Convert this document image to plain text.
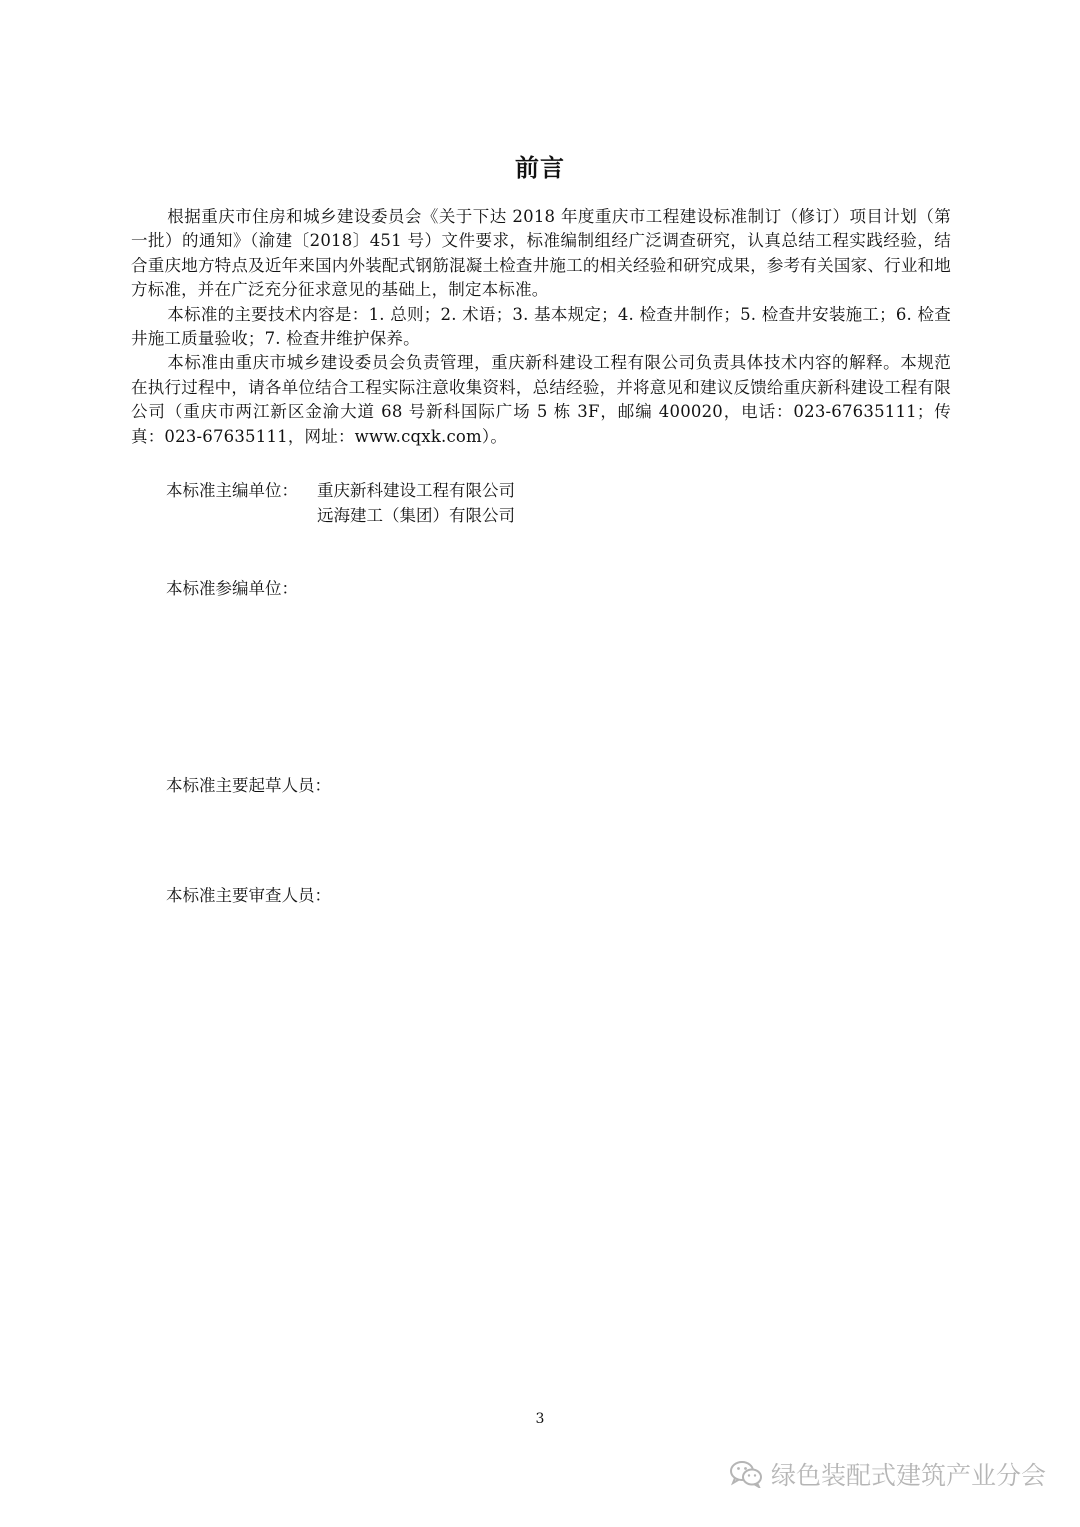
前言

根据重庆市住房和城乡建设委员会《关于下达 2018 年度重庆市工程建设标准制订（修订）项目计划（第一批）的通知》（渝建〔2018〕451 号）文件要求，标准编制组经广泛调查研究，认真总结工程实践经验，结合重庆地方特点及近年来国内外装配式钢筋混凝土检查井施工的相关经验和研究成果，参考有关国家、行业和地方标准，并在广泛充分征求意见的基础上，制定本标准。

本标准的主要技术内容是：1. 总则；2. 术语；3. 基本规定；4. 检查井制作；5. 检查井安装施工；6. 检查井施工质量验收；7. 检查井维护保养。

本标准由重庆市城乡建设委员会负责管理，重庆新科建设工程有限公司负责具体技术内容的解释。本规范在执行过程中，请各单位结合工程实际注意收集资料，总结经验，并将意见和建议反馈给重庆新科建设工程有限公司（重庆市两江新区金渝大道 68 号新科国际广场 5 栋 3F，邮编 400020，电话：023-67635111；传真：023-67635111，网址：www.cqxk.com）。

本标准主编单位：	重庆新科建设工程有限公司
远海建工（集团）有限公司
本标准参编单位：
本标准主要起草人员：
本标准主要审查人员：
3
绿色装配式建筑产业分会
